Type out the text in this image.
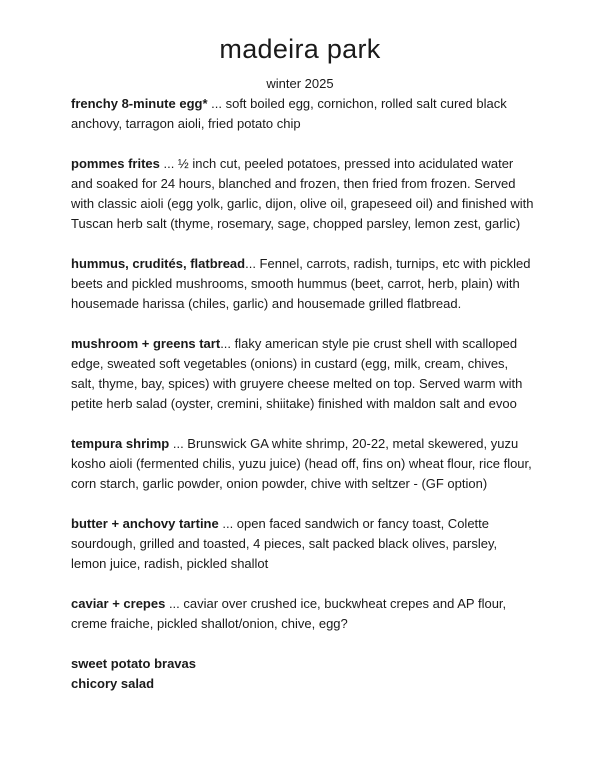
madeira park
winter 2025

frenchy 8-minute egg* ... soft boiled egg, cornichon, rolled salt cured black anchovy, tarragon aioli, fried potato chip

pommes frites ... ½ inch cut, peeled potatoes, pressed into acidulated water and soaked for 24 hours, blanched and frozen, then fried from frozen. Served with classic aioli (egg yolk, garlic, dijon, olive oil, grapeseed oil) and finished with Tuscan herb salt (thyme, rosemary, sage, chopped parsley, lemon zest, garlic)

hummus, crudités, flatbread... Fennel, carrots, radish, turnips, etc with pickled beets and pickled mushrooms, smooth hummus (beet, carrot, herb, plain) with housemade harissa (chiles, garlic) and housemade grilled flatbread.

mushroom + greens tart... flaky american style pie crust shell with scalloped edge, sweated soft vegetables (onions) in custard (egg, milk, cream, chives, salt, thyme, bay, spices) with gruyere cheese melted on top. Served warm with petite herb salad (oyster, cremini, shiitake) finished with maldon salt and evoo

tempura shrimp ... Brunswick GA white shrimp, 20-22, metal skewered, yuzu kosho aioli (fermented chilis, yuzu juice) (head off, fins on) wheat flour, rice flour, corn starch, garlic powder, onion powder, chive with seltzer - (GF option)

butter + anchovy tartine ... open faced sandwich or fancy toast, Colette sourdough, grilled and toasted, 4 pieces, salt packed black olives, parsley, lemon juice, radish, pickled shallot

caviar + crepes ... caviar over crushed ice, buckwheat crepes and AP flour, creme fraiche, pickled shallot/onion, chive, egg?

sweet potato bravas
chicory salad
